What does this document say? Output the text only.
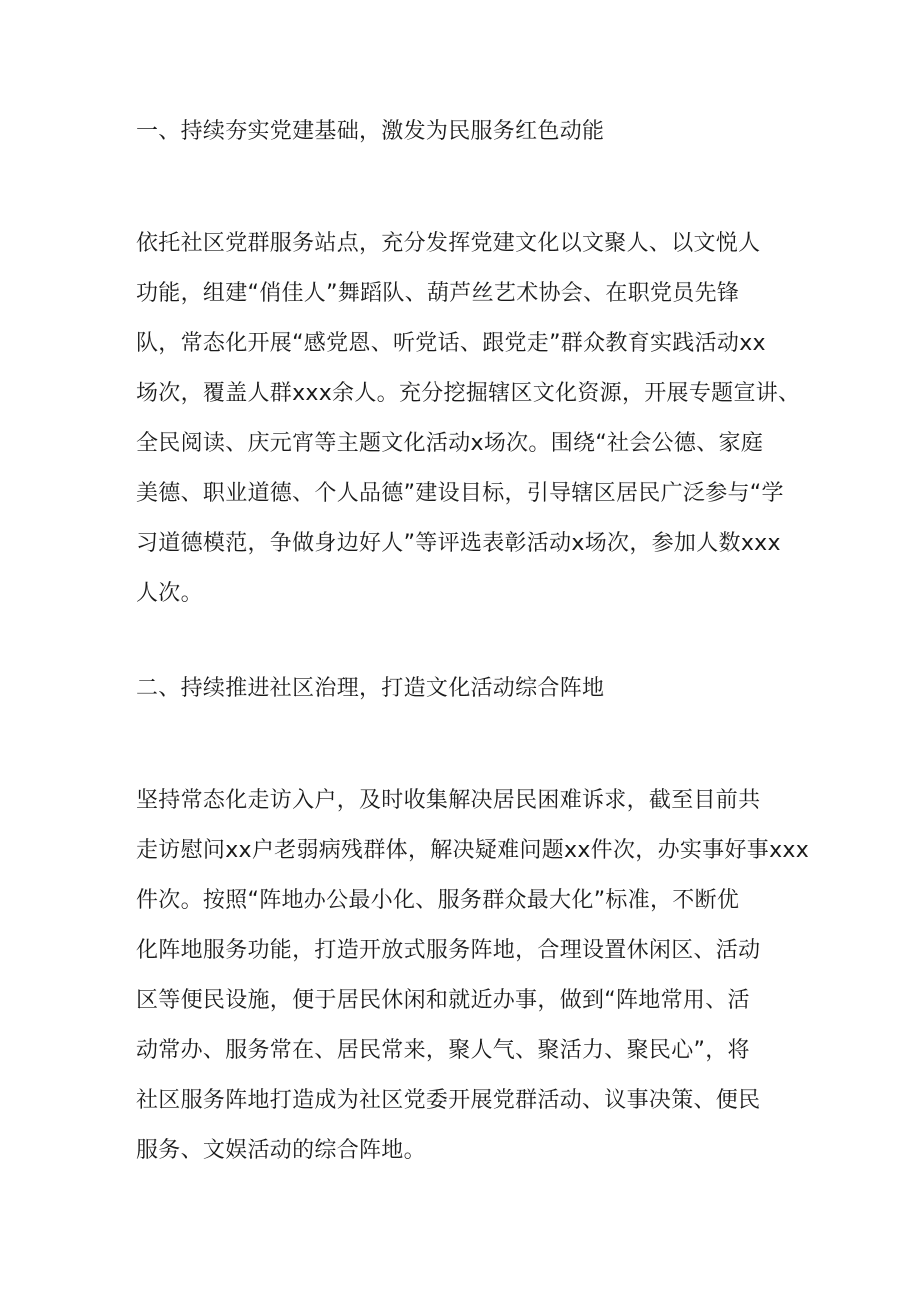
一、持续夯实党建基础，激发为民服务红色动能
依托社区党群服务站点，充分发挥党建文化以文聚人、以文悦人
功能，组建“俏佳人”舞蹈队、葫芦丝艺术协会、在职党员先锋
队，常态化开展“感党恩、听党话、跟党走”群众教育实践活动xx
场次，覆盖人群xxx余人。充分挖掘辖区文化资源，开展专题宣讲、
全民阅读、庆元宵等主题文化活动x场次。围绕“社会公德、家庭
美德、职业道德、个人品德”建设目标，引导辖区居民广泛参与“学
习道德模范，争做身边好人”等评选表彰活动x场次，参加人数xxx
人次。
二、持续推进社区治理，打造文化活动综合阵地
坚持常态化走访入户，及时收集解决居民困难诉求，截至目前共
走访慰问xx户老弱病残群体，解决疑难问题xx件次，办实事好事xxx
件次。按照“阵地办公最小化、服务群众最大化”标准，不断优
化阵地服务功能，打造开放式服务阵地，合理设置休闲区、活动
区等便民设施，便于居民休闲和就近办事，做到“阵地常用、活
动常办、服务常在、居民常来，聚人气、聚活力、聚民心”，将
社区服务阵地打造成为社区党委开展党群活动、议事决策、便民
服务、文娱活动的综合阵地。
